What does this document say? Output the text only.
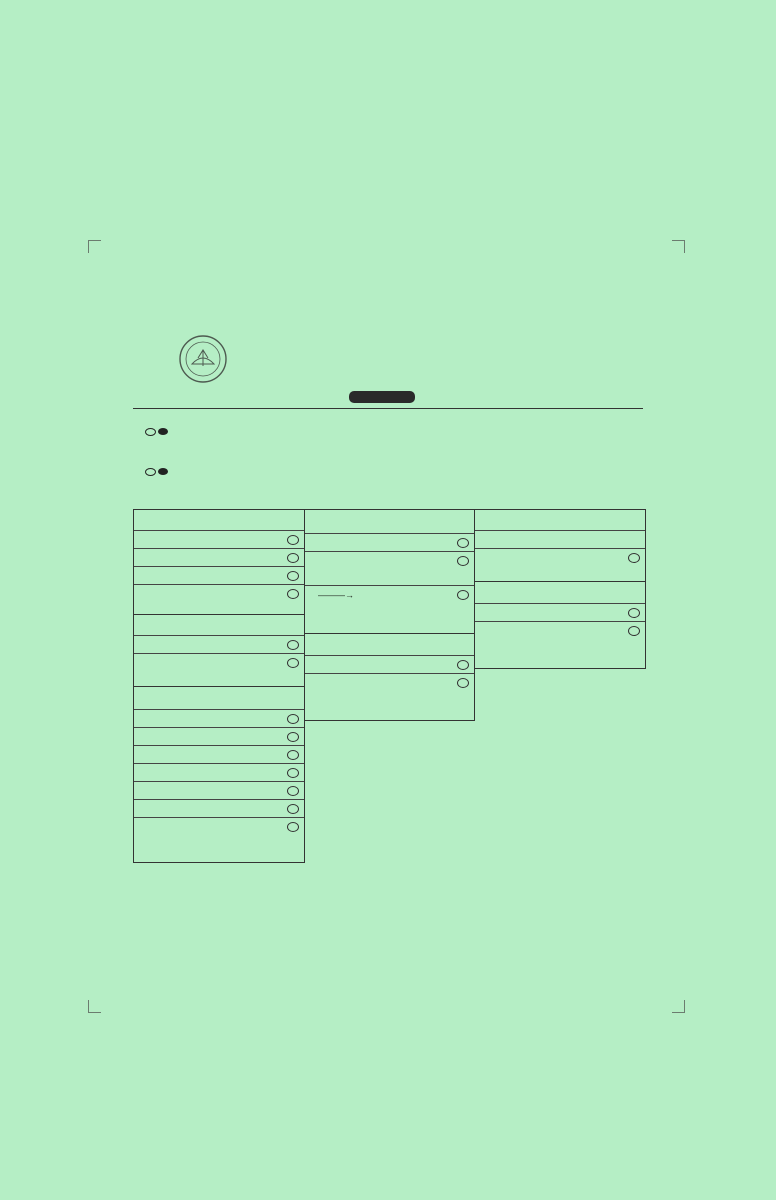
———→
